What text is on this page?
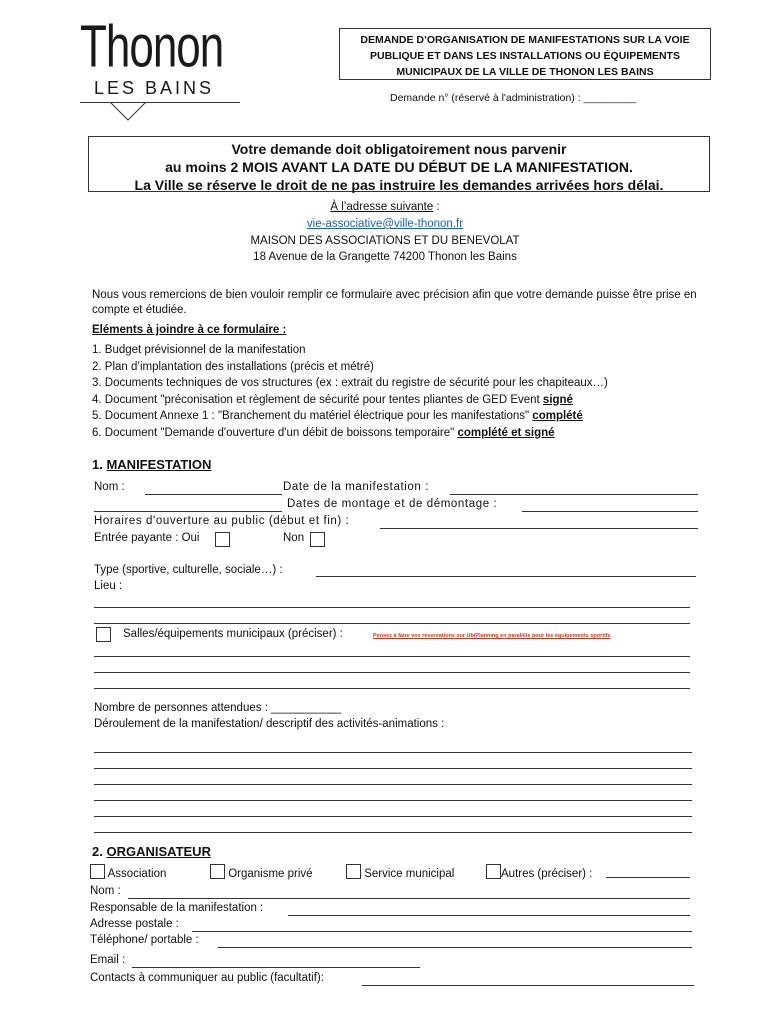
Thonon
LES BAINS
DEMANDE D’ORGANISATION DE MANIFESTATIONS SUR LA VOIE
PUBLIQUE ET DANS LES INSTALLATIONS OU ÉQUIPEMENTS
MUNICIPAUX DE LA VILLE DE THONON LES BAINS
Demande n° (réservé à l'administration) : _________
Votre demande doit obligatoirement nous parvenir
au moins 2 MOIS AVANT LA DATE DU DÉBUT DE LA MANIFESTATION.
La Ville se réserve le droit de ne pas instruire les demandes arrivées hors délai.
À l’adresse suivante :
vie-associative@ville-thonon.fr
MAISON DES ASSOCIATIONS ET DU BENEVOLAT
18 Avenue de la Grangette 74200 Thonon les Bains
Nous vous remercions de bien vouloir remplir ce formulaire avec précision afin que votre demande puisse être prise en compte et étudiée.
Eléments à joindre à ce formulaire :
1. Budget prévisionnel de la manifestation
2. Plan d’implantation des installations (précis et métré)
3. Documents techniques de vos structures (ex : extrait du registre de sécurité pour les chapiteaux…)
4. Document "préconisation et règlement de sécurité pour tentes pliantes de GED Event signé
5. Document Annexe 1 : "Branchement du matériel électrique pour les manifestations" complété
6. Document "Demande d'ouverture d'un débit de boissons temporaire" complété et signé
1. MANIFESTATION
Nom :	Date de la manifestation :
Dates de montage et de démontage :
Horaires d'ouverture au public (début et fin) :
Entrée payante : Oui	Non
Type (sportive, culturelle, sociale…) :
Lieu :
Salles/équipements municipaux (préciser) :	Pensez à faire vos réservations sur UbiPlanning en parallèle pour les équipements sportifs
Nombre de personnes attendues : ___________
Déroulement de la manifestation/ descriptif des activités-animations :
2. ORGANISATEUR
Association	Organisme privé	Service municipal	Autres (préciser) :
Nom :
Responsable de la manifestation :
Adresse postale :
Téléphone/ portable :
Email :
Contacts à communiquer au public (facultatif):
